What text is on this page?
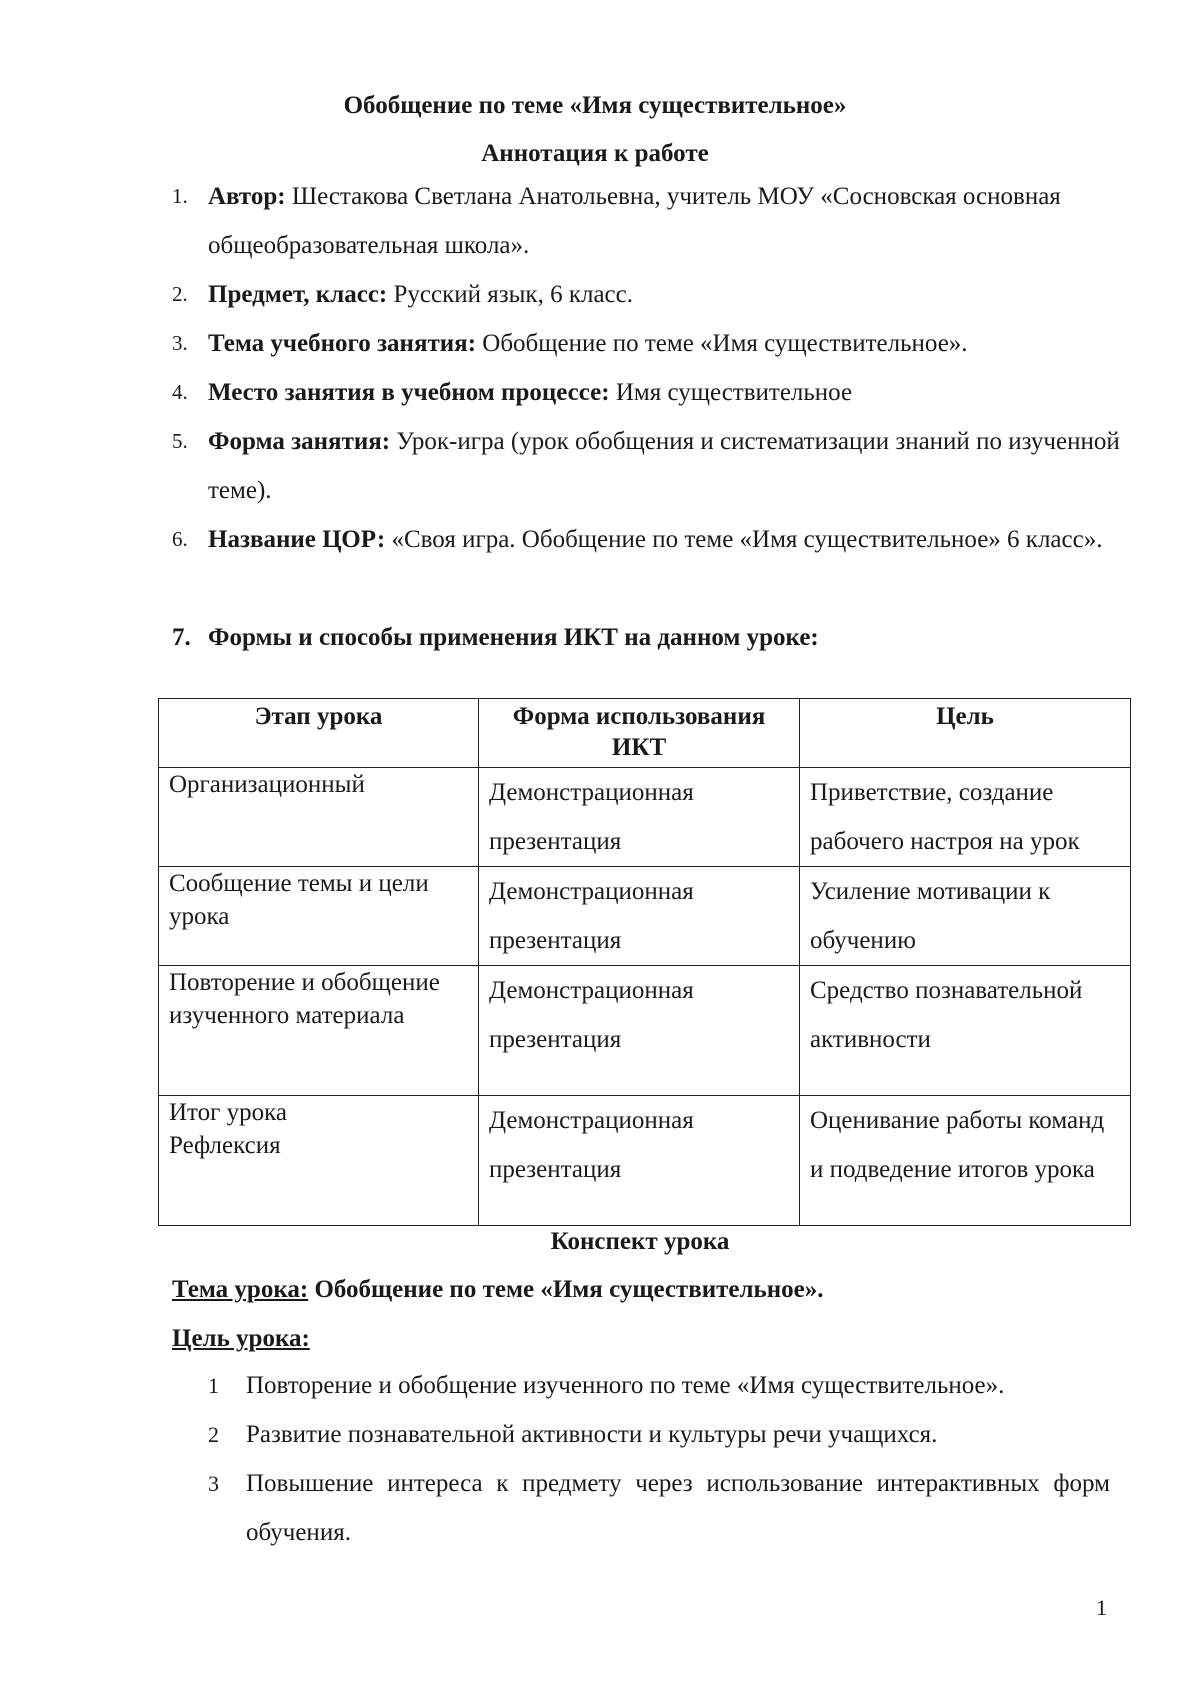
Обобщение по теме «Имя существительное»
Аннотация к работе
1. Автор: Шестакова Светлана Анатольевна, учитель МОУ «Сосновская основная общеобразовательная школа».
2. Предмет, класс: Русский язык, 6 класс.
3. Тема учебного занятия: Обобщение по теме «Имя существительное».
4. Место занятия в учебном процессе: Имя существительное
5. Форма занятия: Урок-игра (урок обобщения и систематизации знаний по изученной теме).
6. Название ЦОР: «Своя игра. Обобщение по теме «Имя существительное» 6 класс».
7. Формы и способы применения ИКТ на данном уроке:
Этап урока	Форма использования ИКТ	Цель
Организационный	Демонстрационная презентация	Приветствие, создание рабочего настроя на урок
Сообщение темы и цели урока	Демонстрационная презентация	Усиление мотивации к обучению
Повторение и обобщение изученного материала	Демонстрационная презентация	Средство познавательной активности

Итог урока Рефлексия	Демонстрационная презентация	Оценивание работы команд и подведение итогов урока
Конспект урока
Тема урока: Обобщение по теме «Имя существительное».
Цель урока:
1	Повторение и обобщение изученного по теме «Имя существительное».
2	Развитие познавательной активности и культуры речи учащихся.
3	Повышение интереса к предмету через использование интерактивных форм обучения.
1
